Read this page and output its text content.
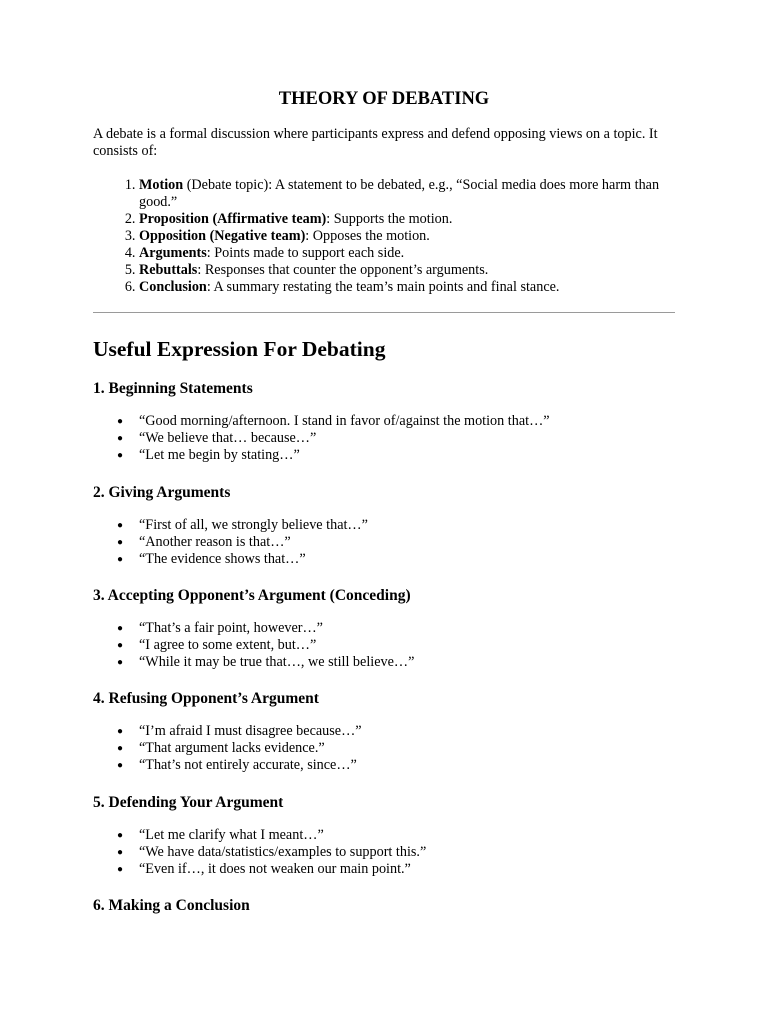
THEORY OF DEBATING

A debate is a formal discussion where participants express and defend opposing views on a topic. It consists of:

1. Motion (Debate topic): A statement to be debated, e.g., “Social media does more harm than good.”
2. Proposition (Affirmative team): Supports the motion.
3. Opposition (Negative team): Opposes the motion.
4. Arguments: Points made to support each side.
5. Rebuttals: Responses that counter the opponent’s arguments.
6. Conclusion: A summary restating the team’s main points and final stance.
Useful Expression For Debating
1. Beginning Statements
● “Good morning/afternoon. I stand in favor of/against the motion that…”
● “We believe that… because…”
● “Let me begin by stating…”
2. Giving Arguments
● “First of all, we strongly believe that…”
● “Another reason is that…”
● “The evidence shows that…”
3. Accepting Opponent’s Argument (Conceding)
● “That’s a fair point, however…”
● “I agree to some extent, but…”
● “While it may be true that…, we still believe…”
4. Refusing Opponent’s Argument
● “I’m afraid I must disagree because…”
● “That argument lacks evidence.”
● “That’s not entirely accurate, since…”
5. Defending Your Argument
● “Let me clarify what I meant…”
● “We have data/statistics/examples to support this.”
● “Even if…, it does not weaken our main point.”
6. Making a Conclusion
